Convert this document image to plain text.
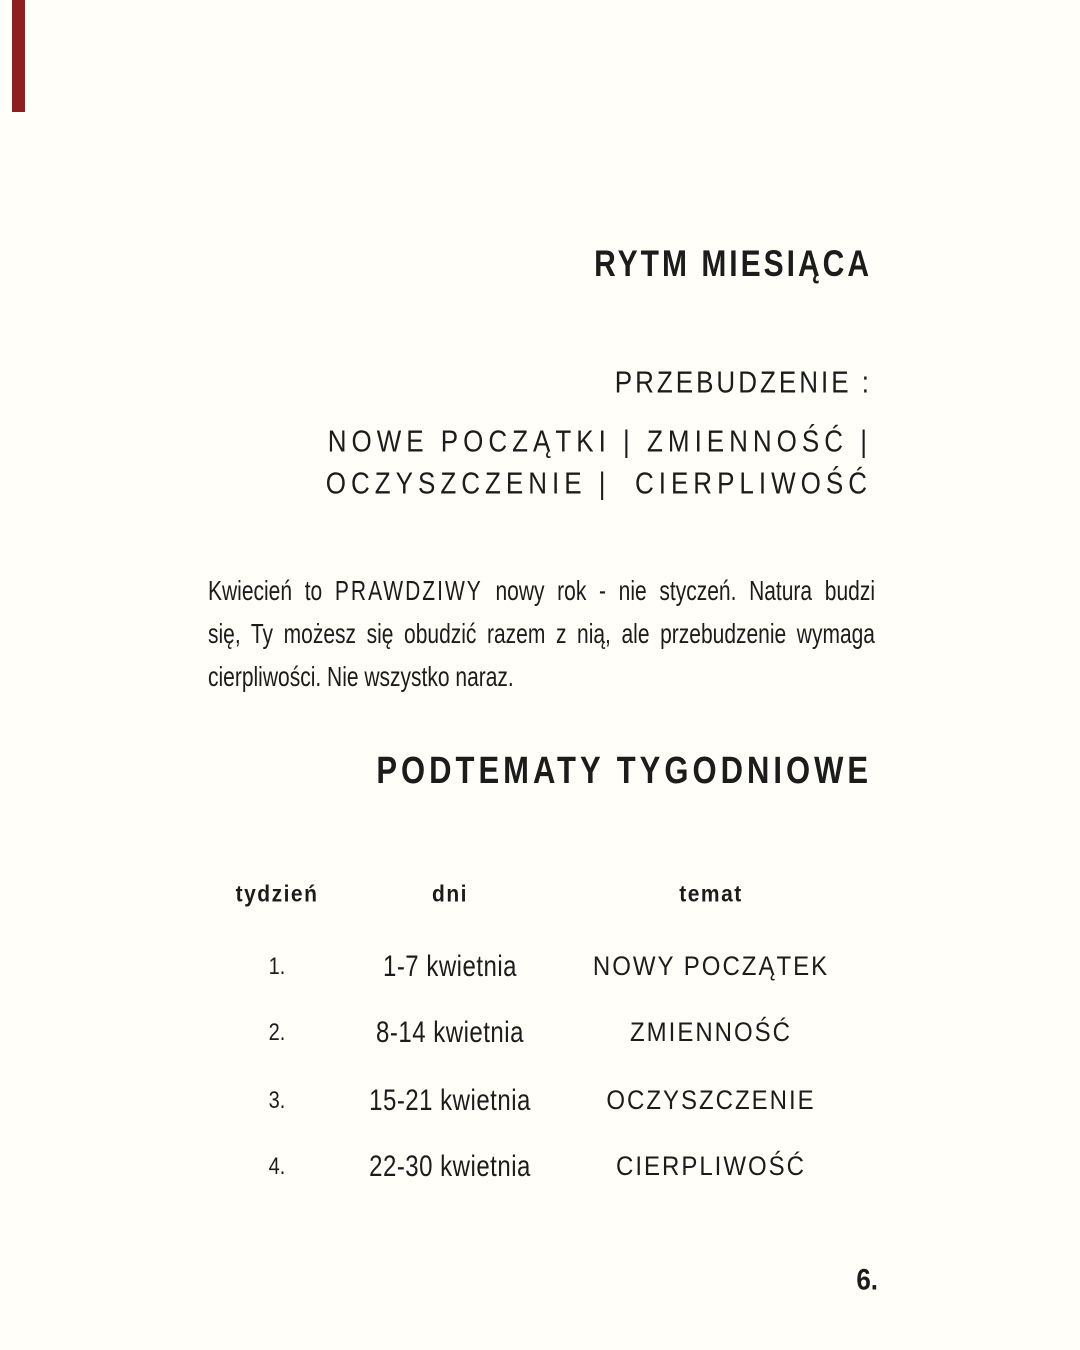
RYTM MIESIĄCA
PRZEBUDZENIE :
NOWE POCZĄTKI | ZMIENNOŚĆ |
OCZYSZCZENIE |  CIERPLIWOŚĆ
Kwiecień to PRAWDZIWY nowy rok - nie styczeń. Natura budzi
się, Ty możesz się obudzić razem z nią, ale przebudzenie wymaga
cierpliwości. Nie wszystko naraz.
PODTEMATY TYGODNIOWE
tydzień	dni	temat
1.	1-7 kwietnia	NOWY POCZĄTEK
2.	8-14 kwietnia	ZMIENNOŚĆ
3.	15-21 kwietnia	OCZYSZCZENIE
4.	22-30 kwietnia	CIERPLIWOŚĆ
6.
